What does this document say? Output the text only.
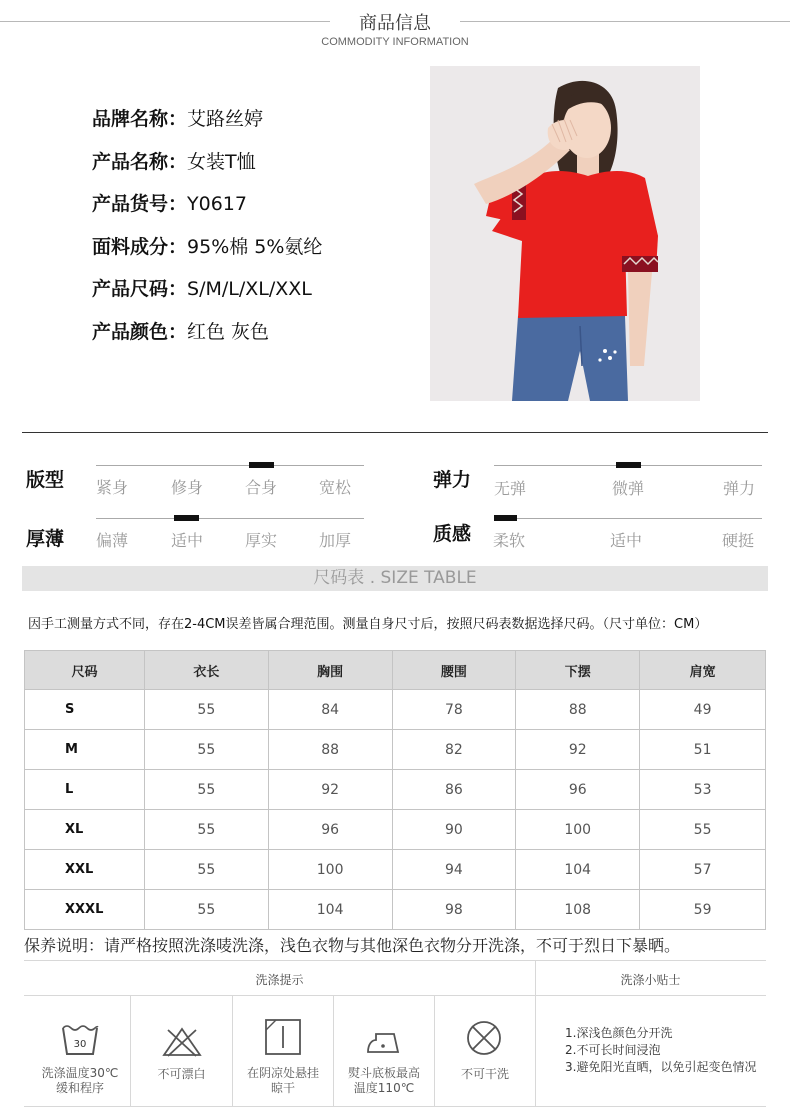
商品信息
COMMODITY INFORMATION
品牌名称：艾路丝婷
产品名称：女装T恤
产品货号：Y0617
面料成分：95%棉 5%氨纶
产品尺码：S/M/L/XL/XXL
产品颜色：红色 灰色
版型 紧身	修身	合身	宽松	弹力 无弹	微弹	弹力
厚薄 偏薄	适中	厚实	加厚	质感 柔软	适中	硬挺
尺码表 . SIZE TABLE
因手工测量方式不同，存在2-4CM误差皆属合理范围。测量自身尺寸后，按照尺码表数据选择尺码。（尺寸单位：CM）
尺码	衣长	胸围	腰围	下摆	肩宽
S	55	84	78	88	49
M	55	88	82	92	51
L	55	92	86	96	53
XL	55	96	90	100	55
XXL	55	100	94	104	57
XXXL	55	104	98	108	59
保养说明：请严格按照洗涤唛洗涤，浅色衣物与其他深色衣物分开洗涤，不可于烈日下暴晒。
洗涤提示	洗涤小贴士
30
洗涤温度30℃
缓和程序
不可漂白	在阴凉处悬挂
晾干
熨斗底板最高
温度110℃
不可干洗
1.深浅色颜色分开洗
2.不可长时间浸泡
3.避免阳光直晒，以免引起变色情况
